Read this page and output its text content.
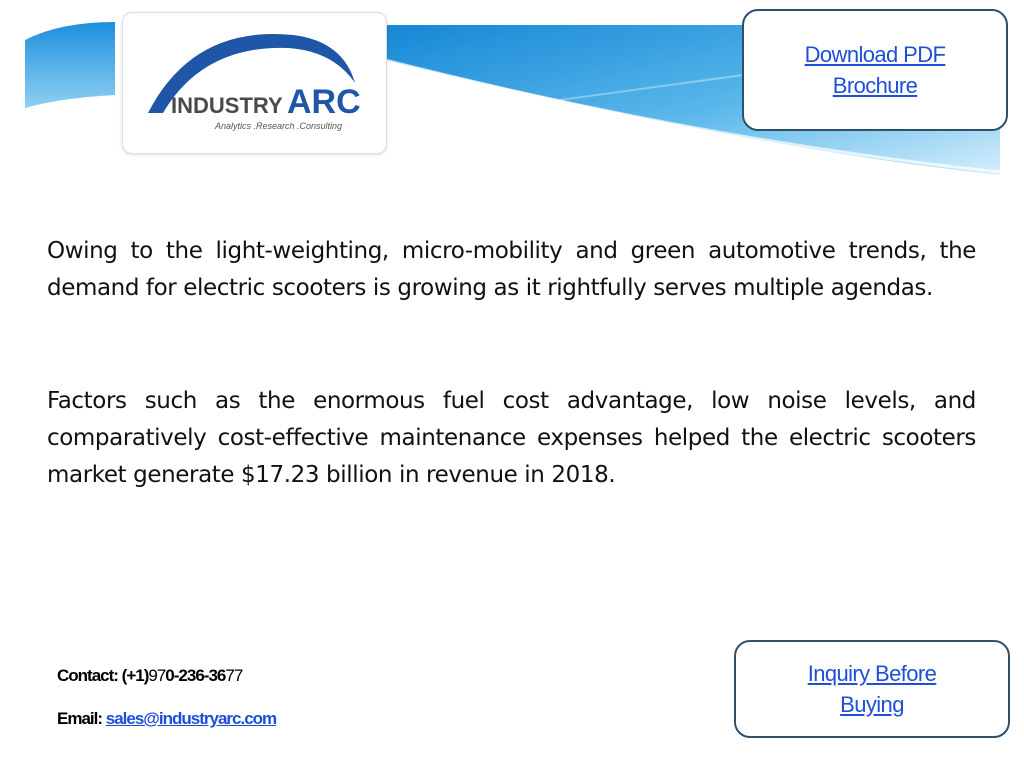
INDUSTRY ARC
Analytics .Research .Consulting
Download PDF
Brochure

Owing to the light-weighting, micro-mobility and green automotive trends, the demand for electric scooters is growing as it rightfully serves multiple agendas.

Factors such as the enormous fuel cost advantage, low noise levels, and comparatively cost-effective maintenance expenses helped the electric scooters market generate $17.23 billion in revenue in 2018.

Contact: (+1)970-236-3677
Email: sales@industryarc.com
Inquiry Before
Buying
